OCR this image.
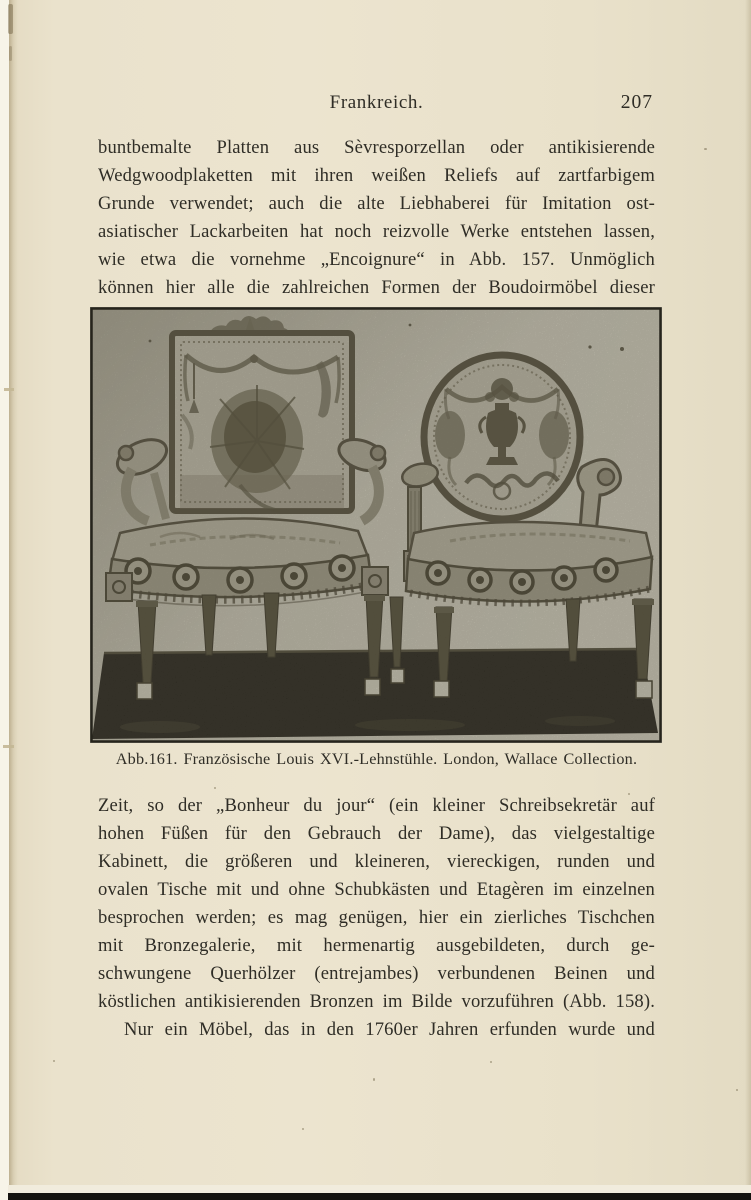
Frankreich.	207
buntbemalte Platten aus Sèvresporzellan oder antikisierende
Wedgwoodplaketten mit ihren weißen Reliefs auf zartfarbigem
Grunde verwendet; auch die alte Liebhaberei für Imitation ost-
asiatischer Lackarbeiten hat noch reizvolle Werke entstehen lassen,
wie etwa die vornehme „Encoignure“ in Abb. 157. Unmöglich
können hier alle die zahlreichen Formen der Boudoirmöbel dieser
Abb.161. Französische Louis XVI.-Lehnstühle. London, Wallace Collection.
Zeit, so der „Bonheur du jour“ (ein kleiner Schreibsekretär auf
hohen Füßen für den Gebrauch der Dame), das vielgestaltige
Kabinett, die größeren und kleineren, viereckigen, runden und
ovalen Tische mit und ohne Schubkästen und Etagèren im einzelnen
besprochen werden; es mag genügen, hier ein zierliches Tischchen
mit Bronzegalerie, mit hermenartig ausgebildeten, durch ge-
schwungene Querhölzer (entrejambes) verbundenen Beinen und
köstlichen antikisierenden Bronzen im Bilde vorzuführen (Abb. 158).
Nur ein Möbel, das in den 1760er Jahren erfunden wurde und
